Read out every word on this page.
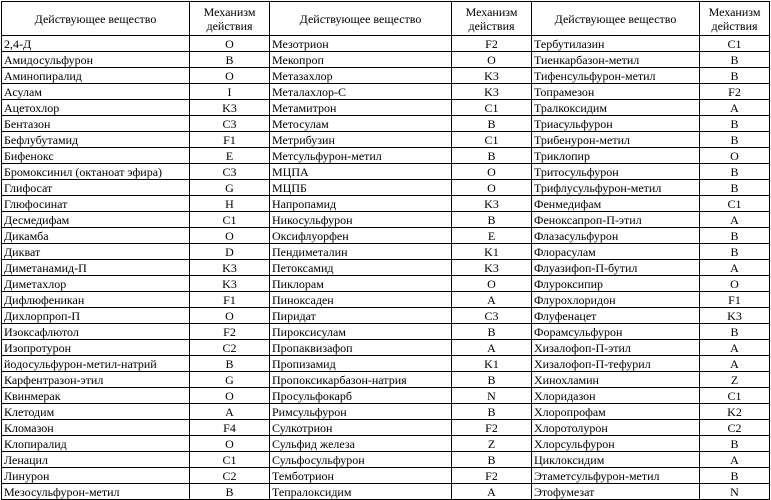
Действующее вещество	Механизм действия	Действующее вещество	Механизм действия	Действующее вещество	Механизм действия
2,4-Д	O	Мезотрион	F2	Тербутилазин	C1
Амидосульфурон	B	Мекопроп	O	Тиенкарбазон-метил	B
Аминопиралид	O	Метазахлор	K3	Тифенсульфурон-метил	B
Асулам	I	Металахлор-С	K3	Топрамезон	F2
Ацетохлор	K3	Метамитрон	C1	Тралкоксидим	A
Бентазон	C3	Метосулам	B	Триасульфурон	B
Бефлубутамид	F1	Метрибузин	C1	Трибенурон-метил	B
Бифенокс	E	Метсульфурон-метил	B	Триклопир	O
Бромоксинил (октаноат эфира)	C3	МЦПА	O	Тритосульфурон	B
Глифосат	G	МЦПБ	O	Трифлусульфурон-метил	B
Глюфосинат	H	Напропамид	K3	Фенмедифам	C1
Десмедифам	C1	Никосульфурон	B	Феноксапроп-П-этил	A
Дикамба	O	Оксифлуорфен	E	Флазасульфурон	B
Дикват	D	Пендиметалин	K1	Флорасулам	B
Диметанамид-П	K3	Петоксамид	K3	Флуазифоп-П-бутил	A
Диметахлор	K3	Пиклорам	O	Флуроксипир	O
Дифлюфеникан	F1	Пиноксаден	A	Флурохлоридон	F1
Дихлорпроп-П	O	Пиридат	C3	Флуфенацет	K3
Изоксафлютол	F2	Пироксисулам	B	Форамсульфурон	B
Изопротурон	C2	Пропаквизафоп	A	Хизалофоп-П-этил	A
йодосульфурон-метил-натрий	B	Пропизамид	K1	Хизалофоп-П-тефурил	A
Карфентразон-этил	G	Пропоксикарбазон-натрия	B	Хинохламин	Z
Квинмерак	O	Просульфокарб	N	Хлоридазон	C1
Клетодим	A	Римсульфурон	B	Хлоропрофам	K2
Кломазон	F4	Сулкотрион	F2	Хлоротолурон	C2
Клопиралид	O	Сульфид железа	Z	Хлорсульфурон	B
Ленацил	C1	Сульфосульфурон	B	Циклоксидим	A
Линурон	C2	Темботрион	F2	Этаметсульфурон-метил	B
Мезосульфурон-метил	B	Тепралоксидим	A	Этофумезат	N
